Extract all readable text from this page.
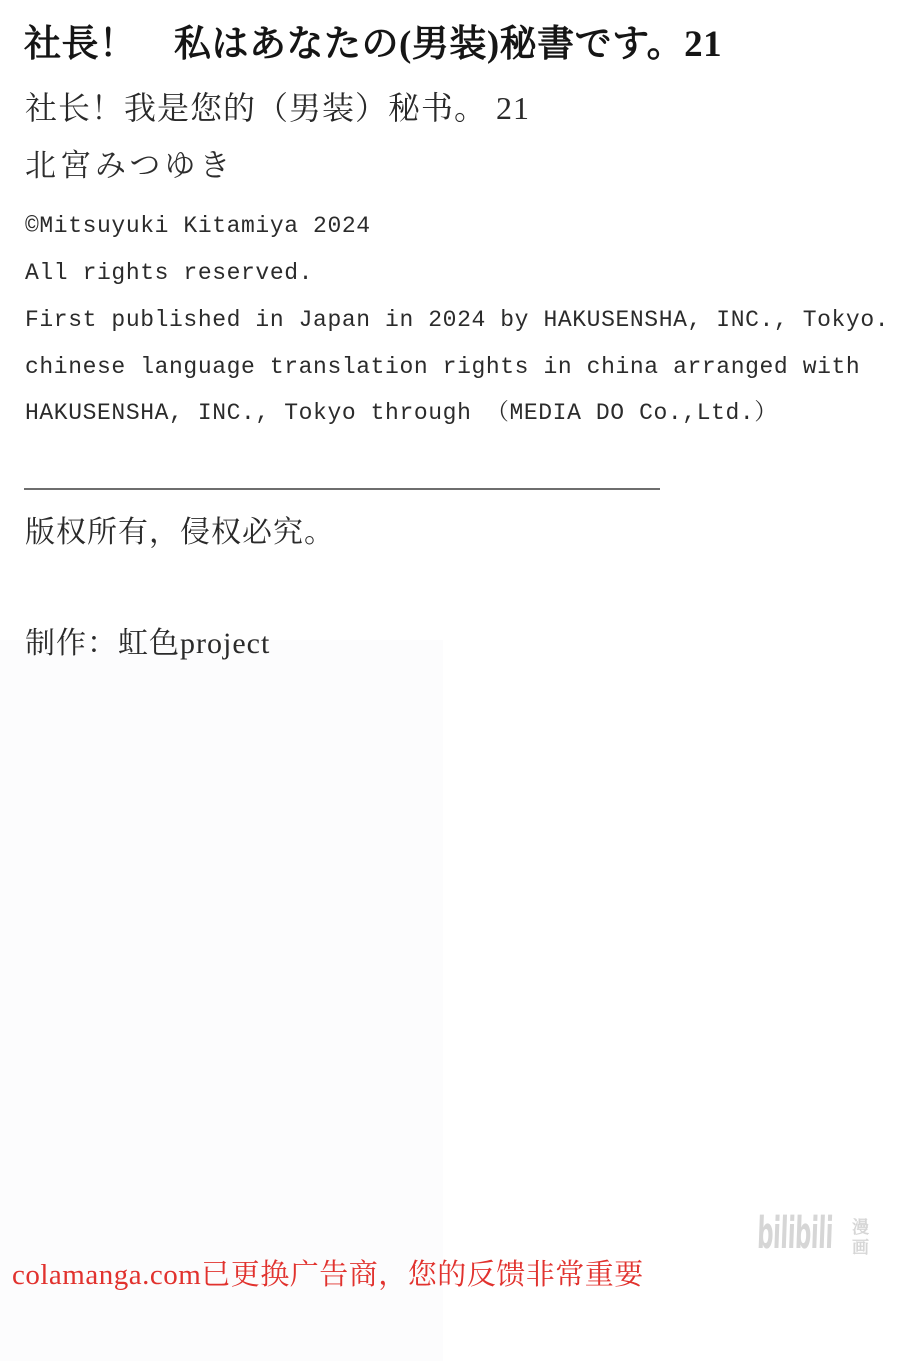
社長！　私はあなたの(男装)秘書です。21
社长！我是您的（男装）秘书。 21
北宮みつゆき
©Mitsuyuki Kitamiya 2024
All rights reserved.
First published in Japan in 2024 by HAKUSENSHA, INC., Tokyo.
chinese language translation rights in china arranged with
HAKUSENSHA, INC., Tokyo through （MEDIA DO Co.,Ltd.）
版权所有，侵权必究。
制作：虹色project
bilibili 漫
画
colamanga.com已更换广告商，您的反馈非常重要
